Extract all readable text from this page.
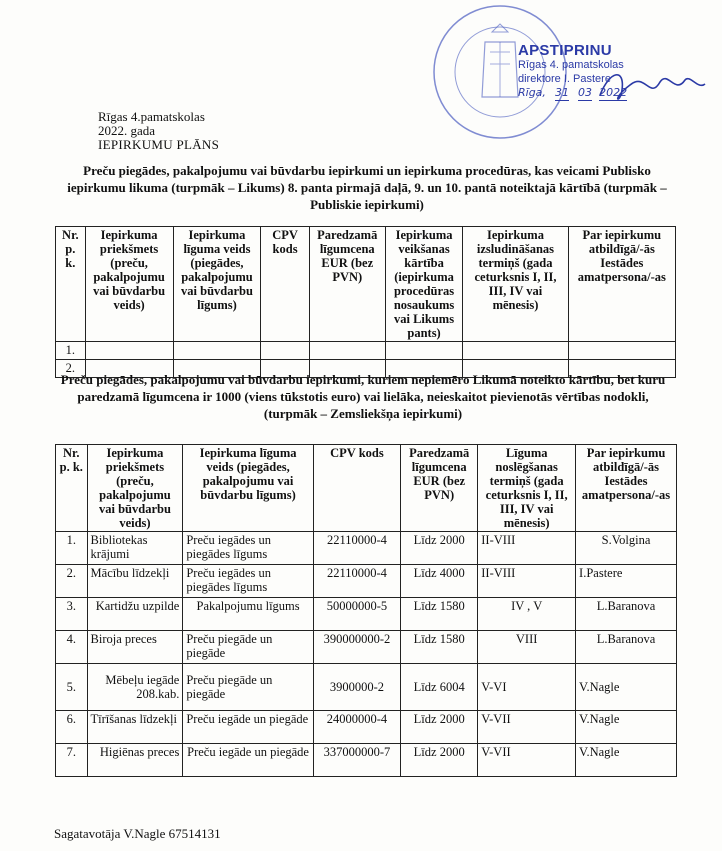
APSTIPRINU
Rīgas 4. pamatskolas
direktore I. Pastere
Rīga, 31 03 2022
Rīgas 4.pamatskolas
2022. gada
IEPIRKUMU PLĀNS
Preču piegādes, pakalpojumu vai būvdarbu iepirkumi un iepirkuma procedūras, kas veicami Publisko iepirkumu likuma (turpmāk – Likums) 8. panta pirmajā daļā, 9. un 10. pantā noteiktajā kārtībā (turpmāk – Publiskie iepirkumi)
Nr. p. k.	Iepirkuma priekšmets (preču, pakalpojumu vai būvdarbu veids)	Iepirkuma līguma veids (piegādes, pakalpojumu vai būvdarbu līgums)	CPV kods	Paredzamā līgumcena EUR (bez PVN)	Iepirkuma veikšanas kārtība (iepirkuma procedūras nosaukums vai Likums pants)	Iepirkuma izsludināšanas termiņš (gada ceturksnis I, II, III, IV vai mēnesis)	Par iepirkumu atbildīgā/-ās Iestādes amatpersona/-as
1.							
2.							
Preču piegādes, pakalpojumu vai būvdarbu iepirkumi, kuriem nepiemēro Likumā noteikto kārtību, bet kuru paredzamā līgumcena ir 1000 (viens tūkstotis euro) vai lielāka, neieskaitot pievienotās vērtības nodokli, (turpmāk – Zemsliekšņa iepirkumi)
Nr. p. k.	Iepirkuma priekšmets (preču, pakalpojumu vai būvdarbu veids)	Iepirkuma līguma veids (piegādes, pakalpojumu vai būvdarbu līgums)	CPV kods	Paredzamā līgumcena EUR (bez PVN)	Līguma noslēgšanas termiņš (gada ceturksnis I, II, III, IV vai mēnesis)	Par iepirkumu atbildīgā/-ās Iestādes amatpersona/-as
1.	Bibliotekas krājumi	Preču iegādes un piegādes līgums	22110000-4	Līdz 2000	II-VIII	S.Volgina
2.	Mācību līdzekļi	Preču iegādes un piegādes līgums	22110000-4	Līdz 4000	II-VIII	I.Pastere
3.	Kartidžu uzpilde	Pakalpojumu līgums	50000000-5	Līdz 1580	IV , V	L.Baranova
4.	Biroja preces	Preču piegāde un piegāde	390000000-2	Līdz 1580	VIII	L.Baranova
5.	Mēbeļu iegāde 208.kab.	Preču piegāde un piegāde	3900000-2	Līdz 6004	V-VI	V.Nagle
6.	Tīrīšanas līdzekļi	Preču iegāde un piegāde	24000000-4	Līdz 2000	V-VII	V.Nagle
7.	Higiēnas preces	Preču iegāde un piegāde	337000000-7	Līdz 2000	V-VII	V.Nagle
Sagatavotāja V.Nagle 67514131
